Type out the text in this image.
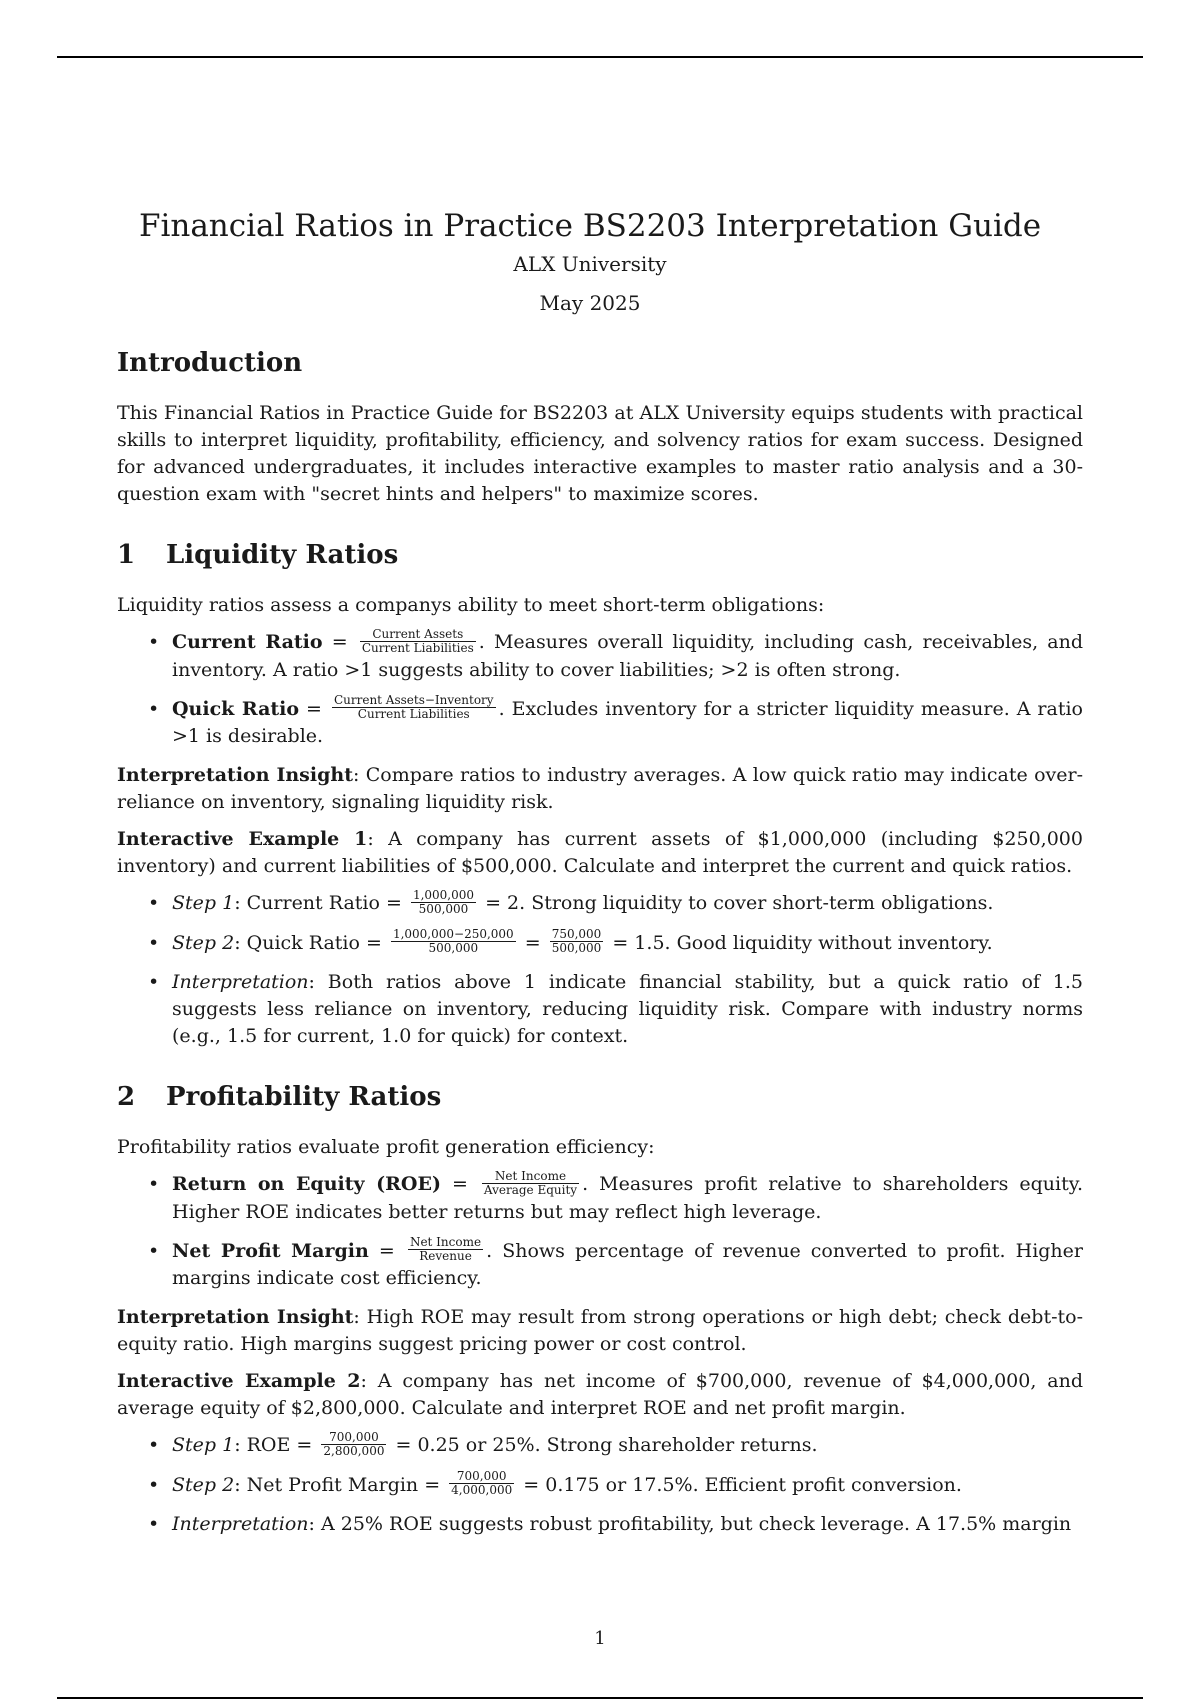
Financial Ratios in Practice BS2203 Interpretation Guide
ALX University
May 2025
Introduction

This Financial Ratios in Practice Guide for BS2203 at ALX University equips students with practical skills to interpret liquidity, profitability, efficiency, and solvency ratios for exam success. Designed for advanced undergraduates, it includes interactive examples to master ratio analysis and a 30-question exam with "secret hints and helpers" to maximize scores.

1 Liquidity Ratios

Liquidity ratios assess a companys ability to meet short-term obligations:

• Current Ratio = $\frac{\text{Current Assets}}{\text{Current Liabilities}}$ . Measures overall liquidity, including cash, receivables, and inventory. A ratio >1 suggests ability to cover liabilities; >2 is often strong.
• Quick Ratio = $\frac{\text{Current Assets−Inventory}}{\text{Current Liabilities}}$ . Excludes inventory for a stricter liquidity measure. A ratio >1 is desirable.

Interpretation Insight: Compare ratios to industry averages. A low quick ratio may indicate over-reliance on inventory, signaling liquidity risk.

Interactive Example 1: A company has current assets of $1,000,000 (including $250,000 inventory) and current liabilities of $500,000. Calculate and interpret the current and quick ratios.

• Step 1: Current Ratio = $\frac{1,000,000}{500,000} = 2$. Strong liquidity to cover short-term obligations.
• Step 2: Quick Ratio = $\frac{1,000,000-250,000}{500,000} = \frac{750,000}{500,000} = 1.5$. Good liquidity without inventory.
• Interpretation: Both ratios above 1 indicate financial stability, but a quick ratio of 1.5 suggests less reliance on inventory, reducing liquidity risk. Compare with industry norms (e.g., 1.5 for current, 1.0 for quick) for context.
2 Profitability Ratios

Profitability ratios evaluate profit generation efficiency:

• Return on Equity $(ROE) = \frac{\text{Net Income}}{\text{Average Equity}}$ . Measures profit relative to shareholders equity. Higher ROE indicates better returns but may reflect high leverage.
• Net Profit Margin = $\frac{\text{Net Income}}{\text{Revenue}}$ . Shows percentage of revenue converted to profit. Higher margins indicate cost efficiency.

Interpretation Insight: High ROE may result from strong operations or high debt; check debt-to-equity ratio. High margins suggest pricing power or cost control.

Interactive Example 2: A company has net income of $700,000, revenue of $4,000,000, and average equity of $2,800,000. Calculate and interpret ROE and net profit margin.

• Step 1: ROE = $\frac{700,000}{2,800,000} = 0.25$ or 25%. Strong shareholder returns.
• Step 2: Net Profit Margin = $\frac{700,000}{4,000,000} = 0.175$ or 17.5%. Efficient profit conversion.
• Interpretation: A 25% ROE suggests robust profitability, but check leverage. A 17.5% margin
1
